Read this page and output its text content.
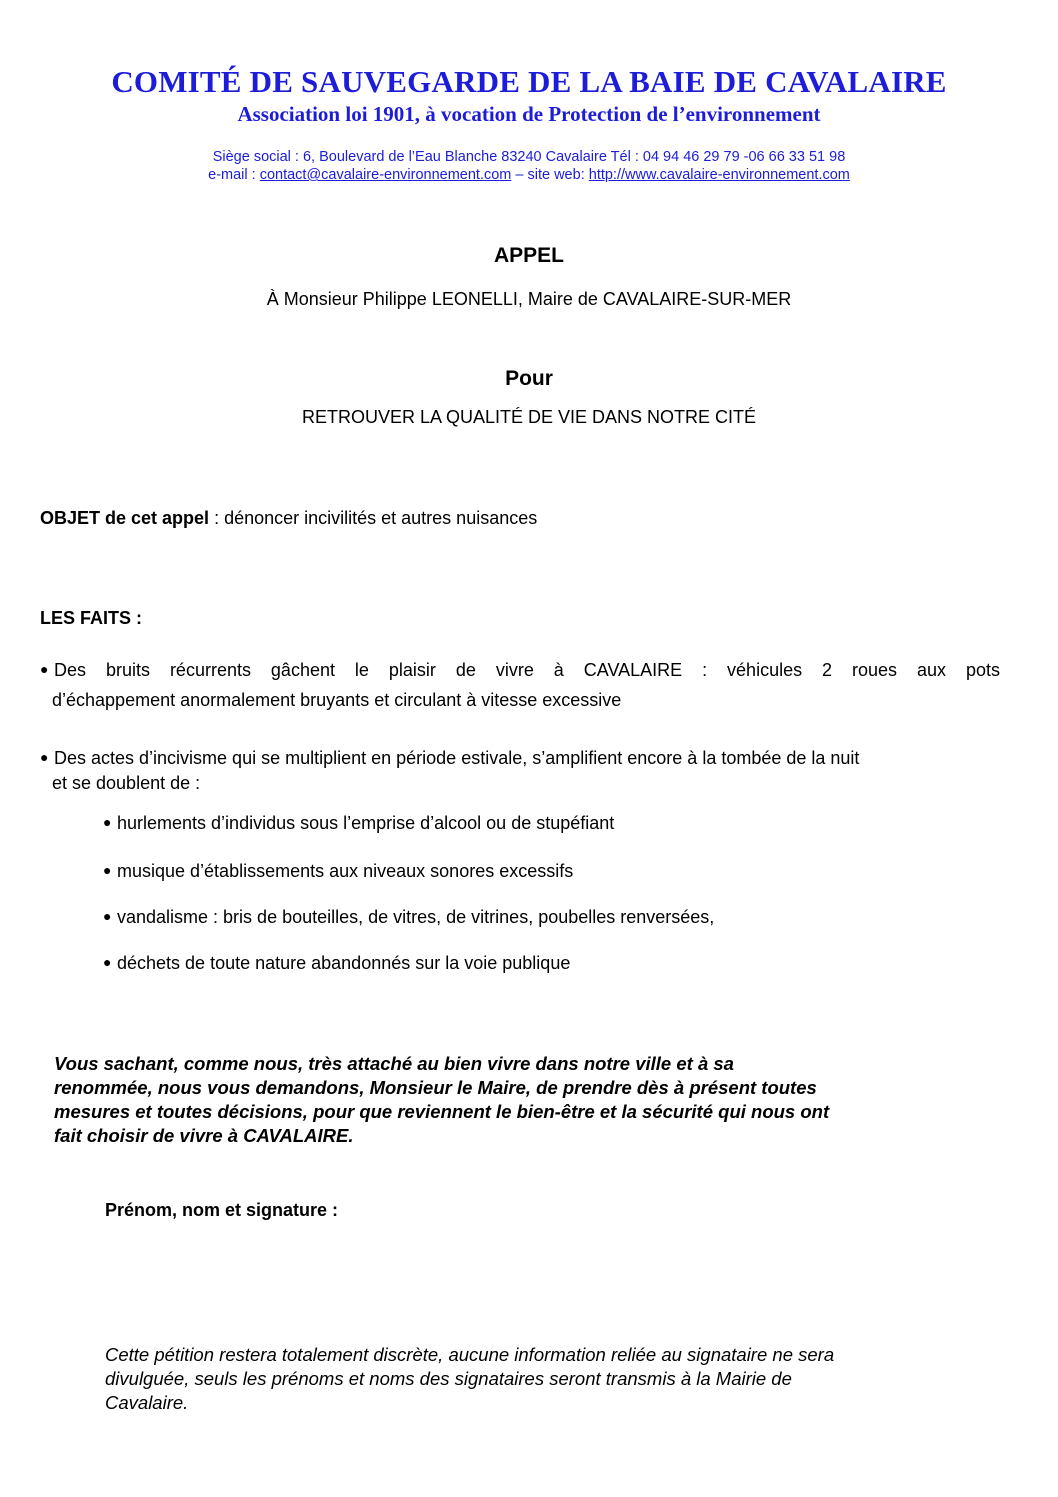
COMITÉ DE SAUVEGARDE DE LA BAIE DE CAVALAIRE
Association loi 1901, à vocation de Protection de l’environnement
Siège social : 6, Boulevard de l’Eau Blanche 83240 Cavalaire Tél : 04 94 46 29 79 -06 66 33 51 98
e-mail : contact@cavalaire-environnement.com – site web: http://www.cavalaire-environnement.com
APPEL
À Monsieur Philippe LEONELLI, Maire de CAVALAIRE-SUR-MER
Pour
RETROUVER LA QUALITÉ DE VIE DANS NOTRE CITÉ
OBJET de cet appel : dénoncer incivilités et autres nuisances
LES FAITS :
● Des bruits récurrents gâchent le plaisir de vivre à CAVALAIRE : véhicules 2 roues aux pots
d’échappement anormalement bruyants et circulant à vitesse excessive
● Des actes d’incivisme qui se multiplient en période estivale, s’amplifient encore à la tombée de la nuit
et se doublent de :
● hurlements d’individus sous l’emprise d’alcool ou de stupéfiant
● musique d’établissements aux niveaux sonores excessifs
● vandalisme : bris de bouteilles, de vitres, de vitrines, poubelles renversées,
● déchets de toute nature abandonnés sur la voie publique
Vous sachant, comme nous, très attaché au bien vivre dans notre ville et à sa
renommée, nous vous demandons, Monsieur le Maire, de prendre dès à présent toutes
mesures et toutes décisions, pour que reviennent le bien-être et la sécurité qui nous ont
fait choisir de vivre à CAVALAIRE.
Prénom, nom et signature :
Cette pétition restera totalement discrète, aucune information reliée au signataire ne sera
divulguée, seuls les prénoms et noms des signataires seront transmis à la Mairie de
Cavalaire.
